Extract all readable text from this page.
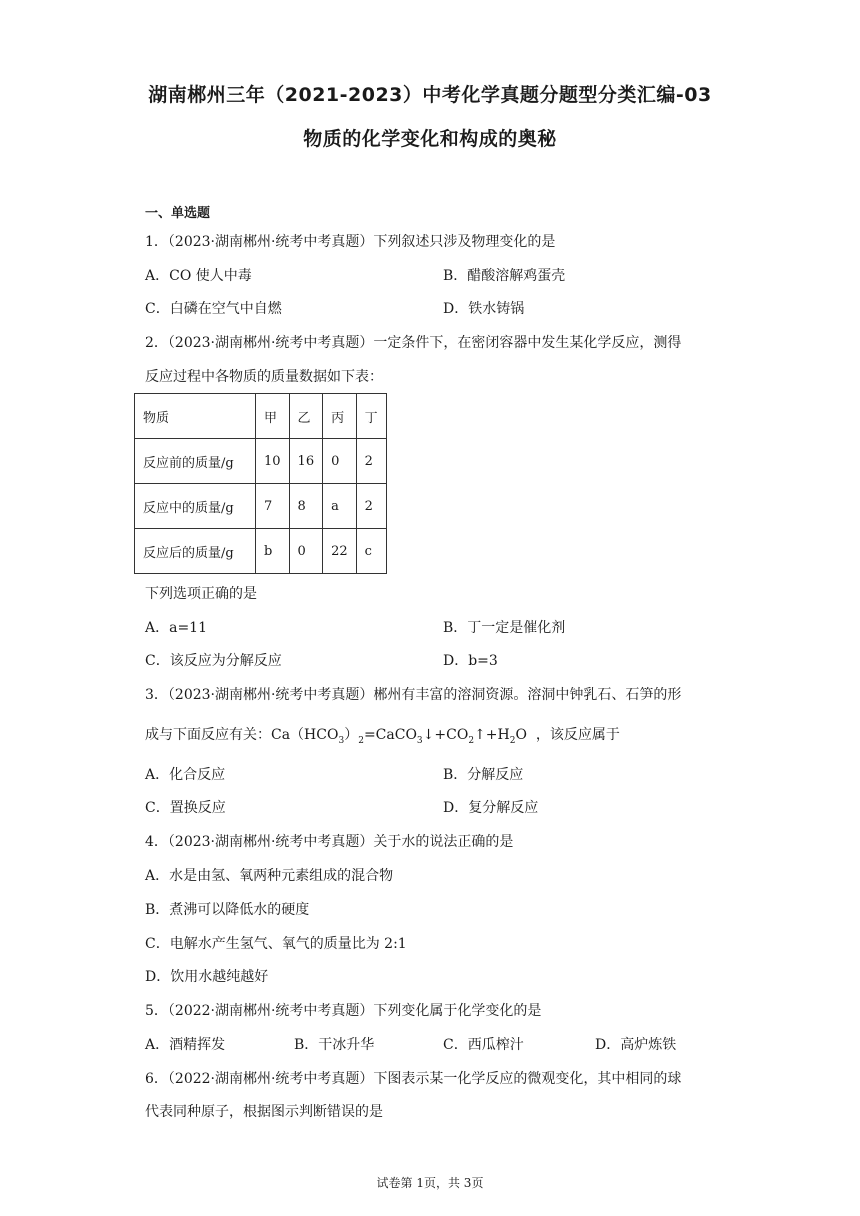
湖南郴州三年（2021-2023）中考化学真题分题型分类汇编-03
物质的化学变化和构成的奥秘
一、单选题
1．（2023·湖南郴州·统考中考真题）下列叙述只涉及物理变化的是
A．CO 使人中毒	B．醋酸溶解鸡蛋壳
C．白磷在空气中自燃	D．铁水铸锅
2．（2023·湖南郴州·统考中考真题）一定条件下，在密闭容器中发生某化学反应，测得
反应过程中各物质的质量数据如下表：
物质	甲	乙	丙	丁
反应前的质量/g	10	16	0	2
反应中的质量/g	7	8	a	2
反应后的质量/g	b	0	22	c
下列选项正确的是
A．a=11	B．丁一定是催化剂
C．该反应为分解反应	D．b=3
3．（2023·湖南郴州·统考中考真题）郴州有丰富的溶洞资源。溶洞中钟乳石、石笋的形
成与下面反应有关：$Ca(HCO_3)_2=CaCO_3↓+CO_2↑+H_2O$  ，该反应属于
A．化合反应	B．分解反应
C．置换反应	D．复分解反应
4．（2023·湖南郴州·统考中考真题）关于水的说法正确的是
A．水是由氢、氧两种元素组成的混合物
B．煮沸可以降低水的硬度
C．电解水产生氢气、氧气的质量比为 2:1
D．饮用水越纯越好
5．（2022·湖南郴州·统考中考真题）下列变化属于化学变化的是
A．酒精挥发	B．干冰升华	C．西瓜榨汁	D．高炉炼铁
6．（2022·湖南郴州·统考中考真题）下图表示某一化学反应的微观变化，其中相同的球
代表同种原子，根据图示判断错误的是
试卷第 1页，共 3页
